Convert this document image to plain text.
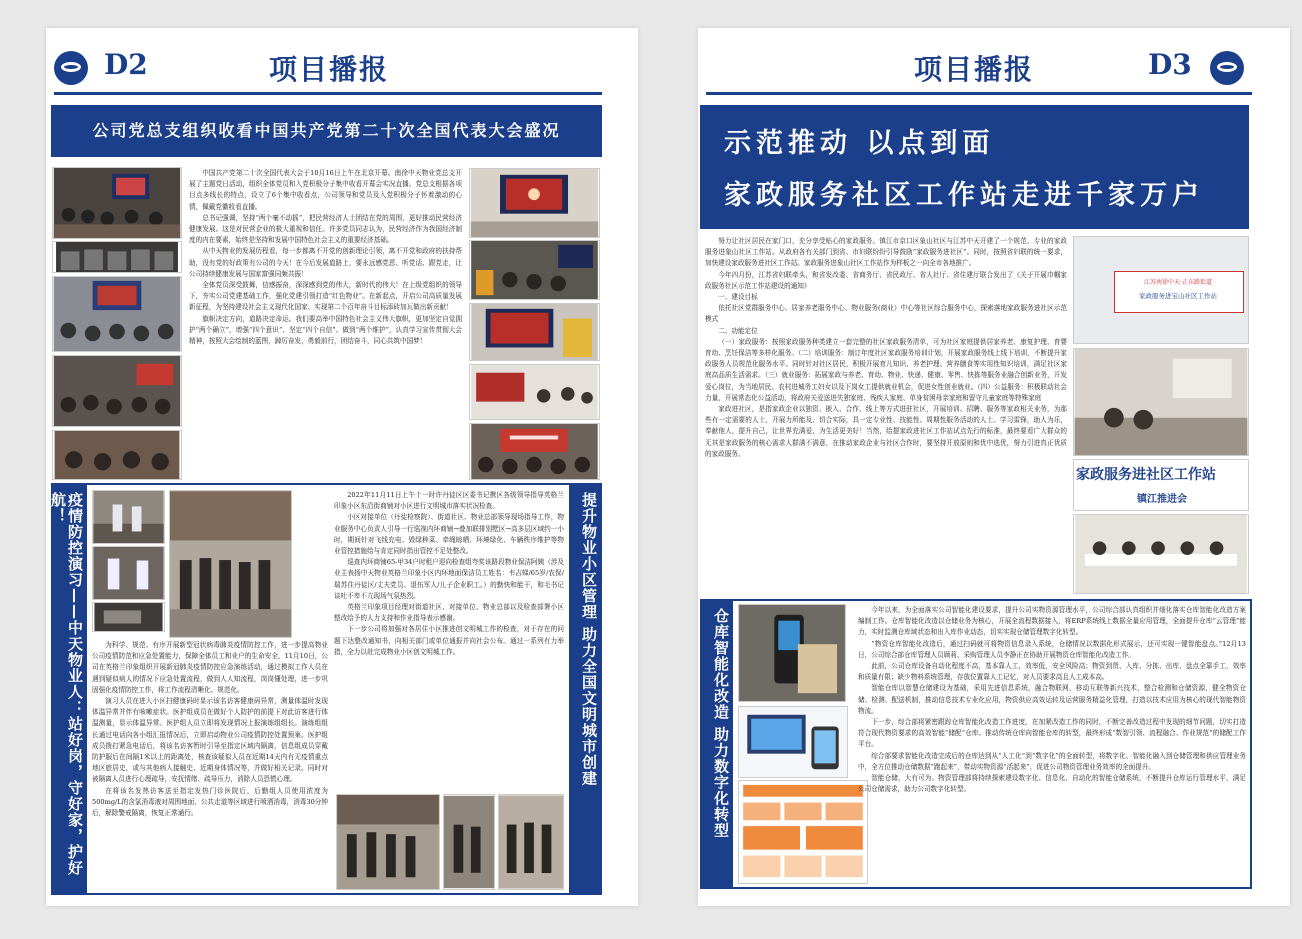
D2	项目播报
公司党总支组织收看中国共产党第二十次全国代表大会盛况

中国共产党第二十次全国代表大会于10月16日上午在北京开幕。南徐中天物业党总支开展了主题党日活动，组织全体党员和入党积极分子集中收看开幕会实况直播。党总支根据各项目点多线长的特点，设立了6个集中收看点，公司领导和党员及入党积极分子怀着激动的心情，佩戴党徽收看直播。

总书记强调，坚持“两个毫不动摇”，把民营经济人士团结在党的周围，更好推动民营经济健康发展。这是对民营企业的极大重视和信任。许多党员同志认为，民营经济作为我国经济制度的内在要素，始终是坚持和发展中国特色社会主义的重要经济基础。

从中天物业的发展历程看，每一步都离不开党的创新理论引领，离不开党和政府的扶持帮助，没有党的好政策有公司的今天！在今后发展道路上，要永远感党恩、听党话、跟党走，让公司持续健康发展与国家富强同频共振！

全体党员深受鼓舞，信感振奋，深深感到党的伟大，新时代的伟大！在上级党组织的领导下，夯实公司党建基础工作，强化党建引领打造“红色物业”。在新起点，开启公司高质量发展新征程，为坚持建设社会主义现代化国家、实现第二个百年奋斗目标添砖加瓦做出新贡献！

旗帜决定方向，道路决定命运。我们要高举中国特色社会主义伟大旗帜，更加坚定自觉拥护“两个确立”，增强“四个意识”、坚定“四个自信”、做到“两个维护”，认真学习宣传贯彻大会精神，按照大会绘制的蓝图，踔厉奋发，勇毅前行，团结奋斗，同心共筑中国梦！

疫情防控演习——中天物业人：站好岗，守好家，护好航！	提升物业小区管理 助力全国文明城市创建

为科学、规范、有序开展新型冠状病毒肺炎疫情防控工作，进一步提高物业公司疫情防范和应急处置能力，保障全体员工和业户的生命安全，11月10日，公司在英格兰印象组织开展新冠肺炎疫情防控应急演练活动，通过模拟工作人员在遇到疑似病人的情况下应急处置流程，做到人人知流程，岗岗懂处理，进一步巩固强化疫情防控工作，将工作流程清晰化、规范化。

演习人员在进入小区扫健康码时显示该名访客健康码异常，测量体温时发现体温异常并伴有咳嗽症状。医护组成员在做好个人防护的前提下对此访客进行体温测量，显示体温异常。医护组人员立即将发现情况上报演练组组长。演练组组长通过电话向各小组汇报情况后，立即启动物业公司疫情防控处置预案。医护组成员拨打紧急电话后，将该名访客暂时引导至指定区域内隔离，信息组成员穿戴防护服后在间隔1米以上的距离处，核查该疑似人员在近期14天内有无疫情重点地区旅居史，或与其他病人接触史、近期身体情况等，并做好相关记录。同时对被隔离人员进行心理疏导，安抚情绪、疏导压力，消除人员恐慌心理。

在将该名发热访客送至指定发热门诊医院后，后勤组人员使用浓度为500mg/L的含氯消毒液对周围地面、公共走道等区域进行喷洒消毒，消毒30分钟后，解除警戒隔离，恢复正常通行。

2022年11月11日上午十一时许丹徒区区委书记携区各级领导指导英格兰印象小区东沿街商铺对小区进行文明城市落实状况检查。

小区对接单位（丹徒检察院）、街道社区、物业总部领导现场指导工作，物业服务中心负责人引导一行巡视内环商铺→叠加联排别墅区→高多层区域约一小时，期间针对飞线充电、毁绿种菜、牵绳晾晒、环境绿化、车辆秩序维护等物业管控措施给与肯定同时指出管控不足处整改。

巡查内环商铺65-甲34户时租户迎向检查组夸奖该路段物业保洁阿姨（涉及业主表扬中天物业英格兰印象小区内环地面保洁员工姓名：韦吉娣/65岁/农保/瑞苏住丹徒区/丈夫党员、退伍军人/儿子企业职工。）的勤快和能干，和毛书记谈吐不卑不亢现场气氛热烈。

英格兰印象项目经理对街道社区、对接单位、物业总部以及检查部署小区整改给予的人力支持和作业指导表示感谢。

下一步公司将加强对各居住小区推进创文明城工作的检查，对于存在的问题下达整改通知书，向相关部门或单位通报并向社会公布。通过一系列有力举措，全力以赴完成物业小区创文明城工作。

项目播报	D3
示范推动 以点到面
家政服务社区工作站走进千家万户

努力让社区居民在家门口，充分享受贴心的家政服务。镇江市京口区象山社区与江苏中天开建了一个规范、专业的家政服务进象山社区工作站。从政府各有关部门到省、市妇联纷纷引导鼓励“家政服务进社区”。同时，按照省妇联的统一要求，加快建设家政服务进社区工作站。家政服务进象山社区工作站作为样板之一向全市各地推广。

今年四月份，江苏省妇联牵头，和省发改委、省商务厅、省民政厅、省人社厅、省住建厅联合发出了《关于开展巾帼家政服务社区示范工作站建设的通知》

一、建设目标

依托社区党群服务中心、居家养老服务中心、物业服务(商业）中心等社区综合服务中心，探索落地家政服务进社区示范模式

二、功能定位

（一）家政服务：按照家政服务种类建立一套完整的社区家政服务清单，可为社区家庭提供居家养老、康复护理、育婴育幼、烹饪保洁等多样化服务。（二）培训服务：制订年度社区家政服务培训计划，开展家政服务线上线下培训，不断提升家政服务人员规范化服务水平。同时针对社区居民，积极开展育儿知识、养老护理、营养膳食等实用性知识培训，满足社区家庭高品质生活需求。（三）就业服务：拓展家政与养老、育幼、物业、快递、健康、零售、快拣等服务业融合创新业务，开发爱心岗位，为当地居民、农村进城务工妇女以及下岗女工提供就业机会，促进女性创业就业。（四）公益服务：积极联动社会力量，开展常态化公益活动，将政府关爱送进失独家庭、残疾人家庭、单身贫困母亲家庭和留守儿童家庭等特殊家庭

家政进社区，是指家政企业以独资、嵌入、合作、线上等方式进驻社区，开展培训、招聘、服务等家政相关业务，为那些有一定需要的人士，开展力所能及、切合实际，具一定专业性、技能性、周期性服务活动的人士。学习雷锋，助人为乐，奉献他人，提升自己，让世界充满爱，为生活更美好！当然，给提家政进社区工作站试点先行的标准，最终要看广大群众的无其是家政服务的核心需求人群满不满意，在推动家政企业与社区合作时，要坚持开放原则和优中选优，努力引进真正优质的家政服务。

江苏南徐中天·正东路街道
家政服务进宝山社区工作站
家政服务进社区工作站
镇江推进会
仓库智能化改造 助力数字化转型	今年以来，为全面落实公司智能化建设要求，提升公司实物资源管理水平，公司综合部认真组织并细化落实仓库智能化改造方案编制工作。仓库智能化改造以仓储业务为核心，开展全流程数据接入，将ERP系统线上数据全量应用管理，全面提升仓库“云管理”能力，实时监测仓库域状态和出入库作业动态，切实实现仓储管理数字化转型。

“物资仓库智能化改造后，通过扫码就可将物资信息录入系统，仓储情况以数据化形式展示，还可实现一键智能盘点。”12月13日，公司综合部仓库管理人员顾莉、采购管理人员李静正在协助开展物资仓库智能化改造工作。

此前，公司仓库设备自动化程度不高，基本靠人工，效率低，安全风险高；物资到货、入库、分拣、出库、盘点全靠手工，效率和质量有限；缺少物料系统管理，存放位置靠人工记忆，对人员要求高且人工成本高。

智能仓库以智慧仓储建设为基础，采用先进信息系统，融合物联网、移动互联等新兴技术，整合检测和仓储资源，健全物资仓储、检测、配送机制，推动信息技术专业化应用，物资供应高效运转及运营服务精益化管理，打造以技术应用为核心的现代智能物资物流。

下一步，综合部将紧密跟踪仓库智能化改造工作进度，在加紧改造工作的同时，不断完善改造过程中发现的细节问题，切实打造符合现代物资要求的高效智能“储配”仓库。推动传统仓库向智能仓库的转型，最终形成“数智引领、流程融合、作业规范”的储配工作平台。

综合部要求智能化改造完成后的仓库达到从“人工化”到“数字化”的全面转型，将数字化、智能化融入到仓储管理和供应管理业务中，全方位推动仓储数据“跑起来”，带动实物资源“活起来”，促进公司物资管理业务效率的全面提升。

智能仓储，大有可为。物资管理部将持续探索建设数字化、信息化、自动化的智能仓储系统，不断提升仓库运行管理水平，满足公司仓储需求，助力公司数字化转型。
